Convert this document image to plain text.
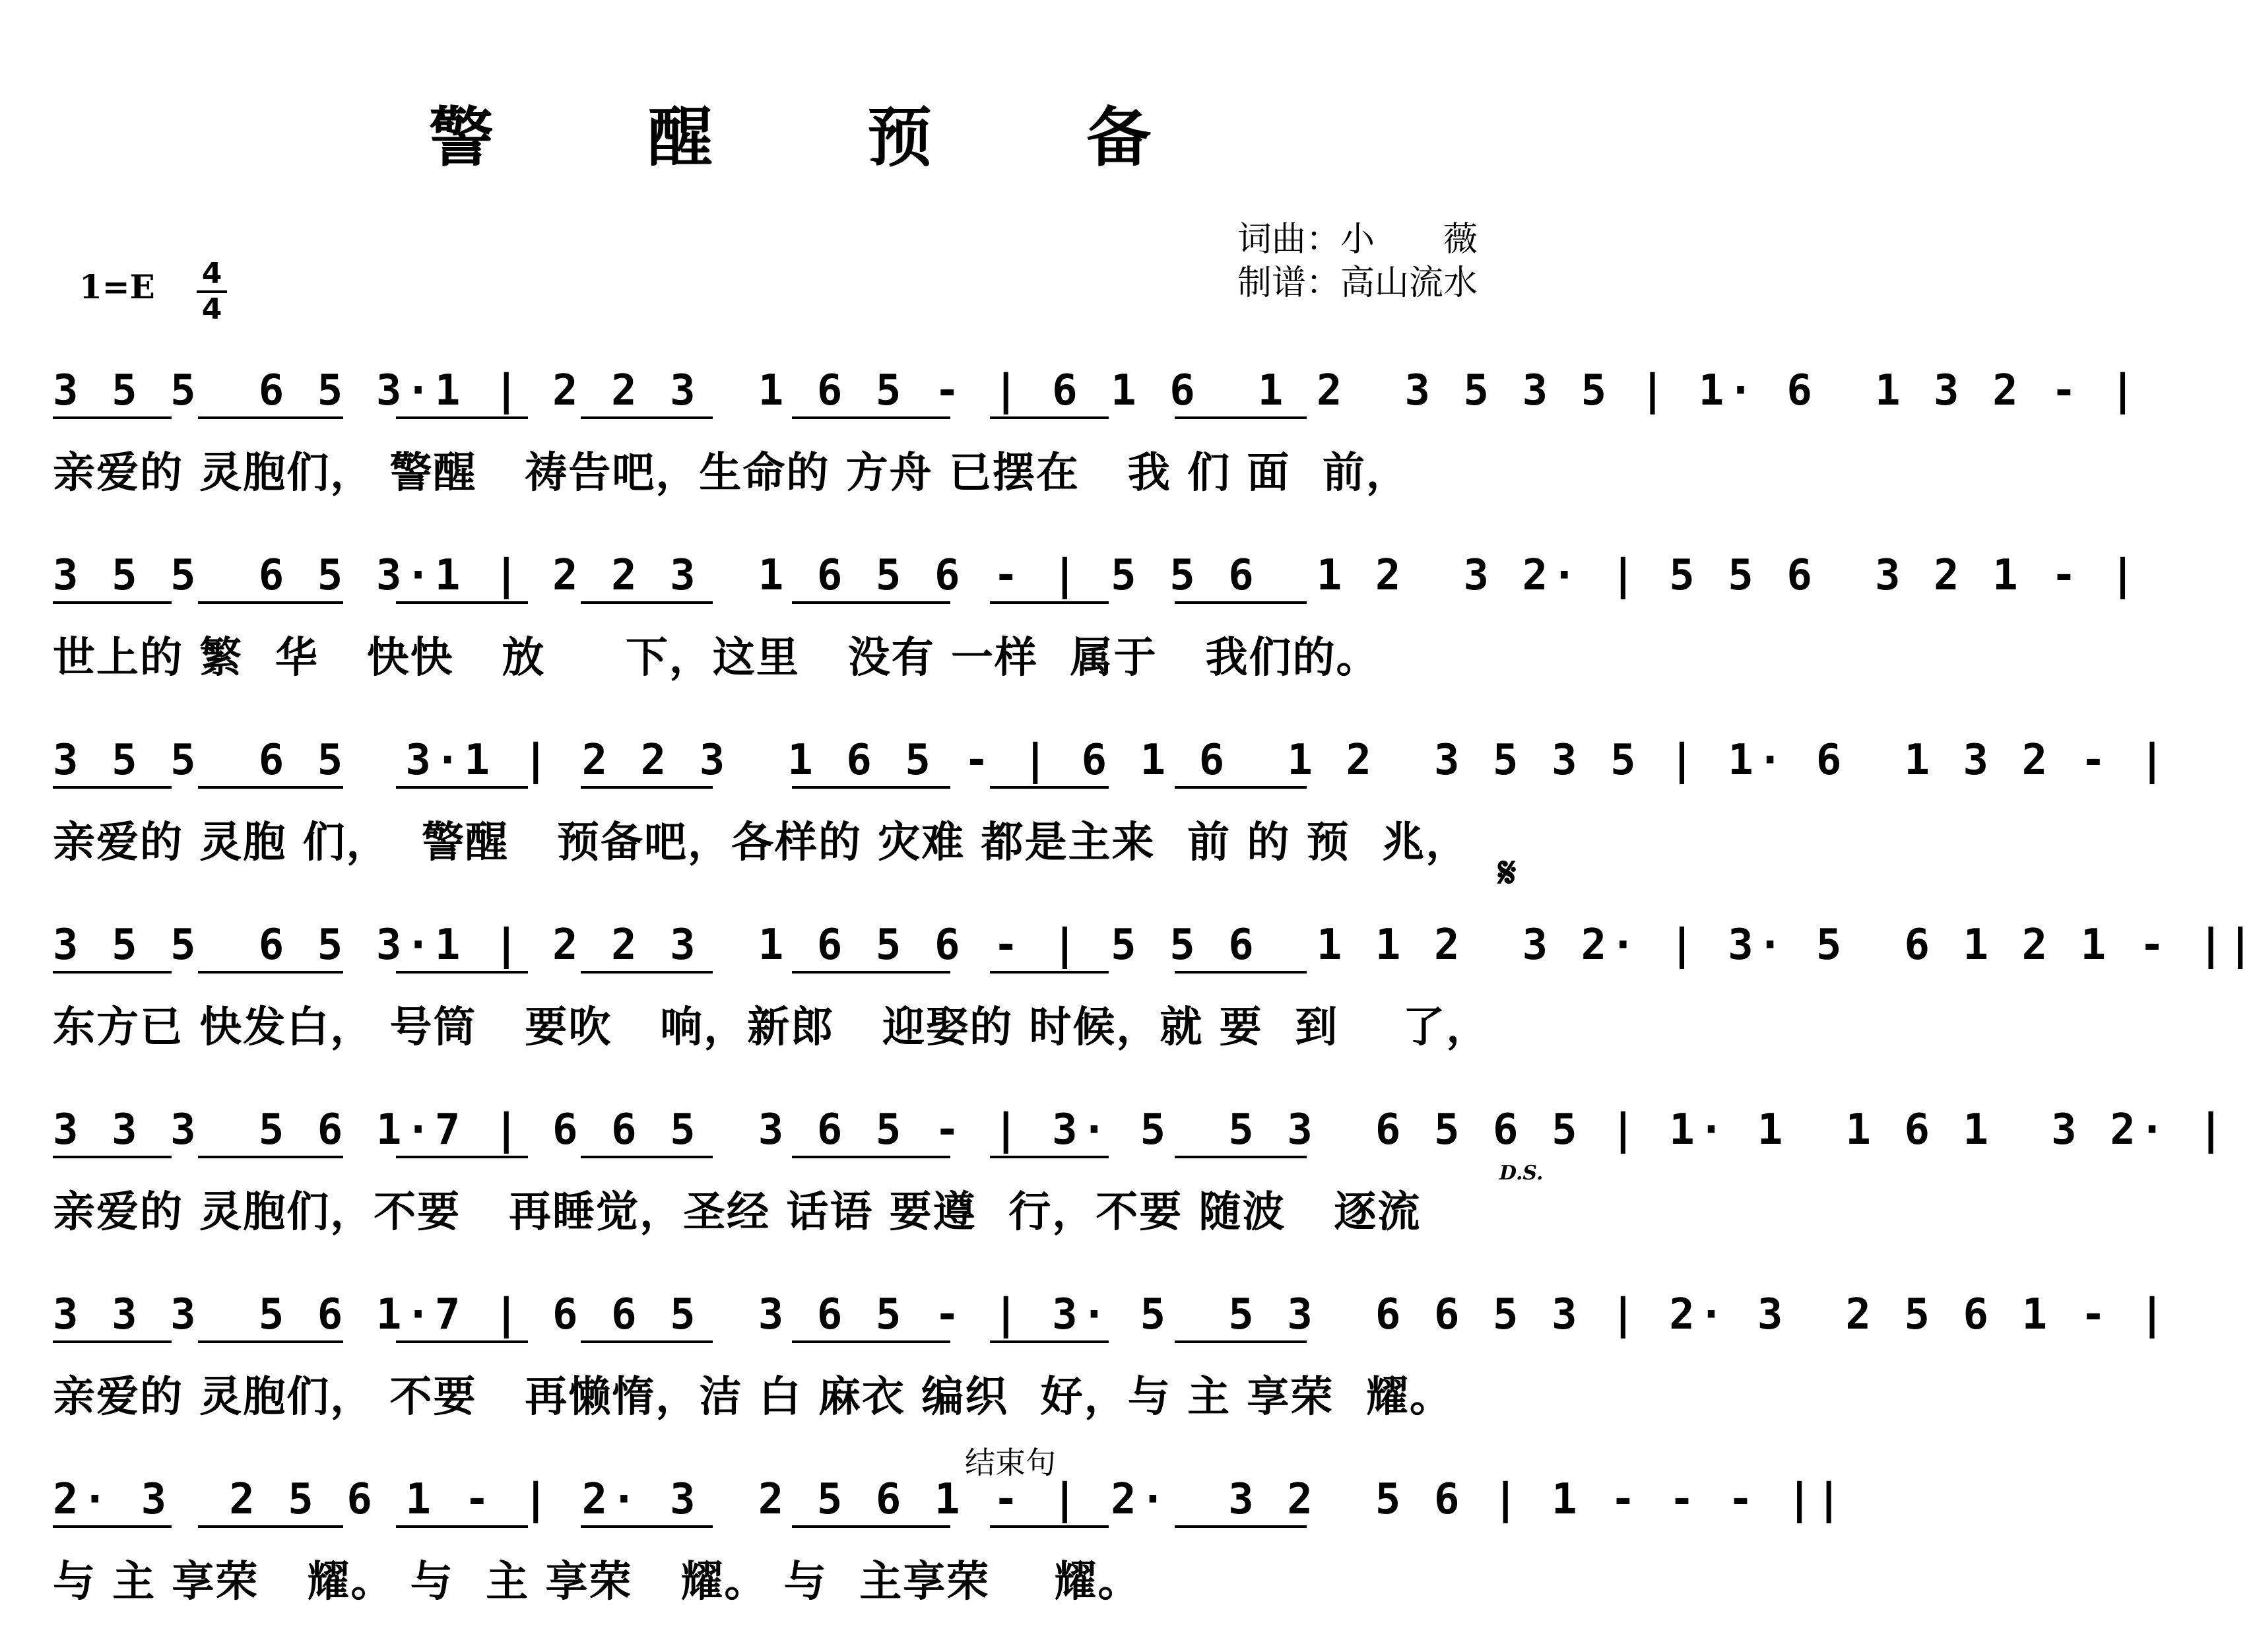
警 醒 预 备
词曲：小　　薇
制谱：高山流水
1=E 4
4
3 5 5  6 5 3·1 | 2 2 3  1 6 5 - | 6 1 6  1 2  3 5 3 5 | 1· 6  1 3 2 - |
亲爱的 灵胞们， 警醒   祷告吧，生命的 方舟 已摆在   我 们 面  前，
3 5 5  6 5 3·1 | 2 2 3  1 6 5 6 - | 5 5 6  1 2  3 2· | 5 5 6  3 2 1 - |
世上的 繁  华   快快   放     下，这里   没有 一样  属于   我们的。
3 5 5  6 5  3·1 | 2 2 3  1 6 5 - | 6 1 6  1 2  3 5 3 5 | 1· 6  1 3 2 - |
亲爱的 灵胞 们，  警醒   预备吧，各样的 灾难 都是主来  前 的 预  兆，
3 5 5  6 5 3·1 | 2 2 3  1 6 5 6 - | 5 5 6  1 1 2  3 2· | 3· 5  6 1 2 1 - ||
东方已 快发白， 号筒   要吹   响，新郎   迎娶的 时候，就 要  到    了，
3 3 3  5 6 1·7 | 6 6 5  3 6 5 - | 3· 5  5 3  6 5 6 5 | 1· 1  1 6 1  3 2· |
亲爱的 灵胞们，不要   再睡觉，圣经 话语 要遵  行，不要 随波   逐流
3 3 3  5 6 1·7 | 6 6 5  3 6 5 - | 3· 5  5 3  6 6 5 3 | 2· 3  2 5 6 1 - |
亲爱的 灵胞们， 不要   再懒惰，洁 白 麻衣 编织  好，与 主 享荣  耀。
2· 3  2 5 6 1 - | 2· 3  2 5 6 1 - | 2·  3 2  5 6 | 1 - - - ||
与 主 享荣   耀。 与  主 享荣   耀。 与  主享荣    耀。
结束句
𝄋
D.S.
